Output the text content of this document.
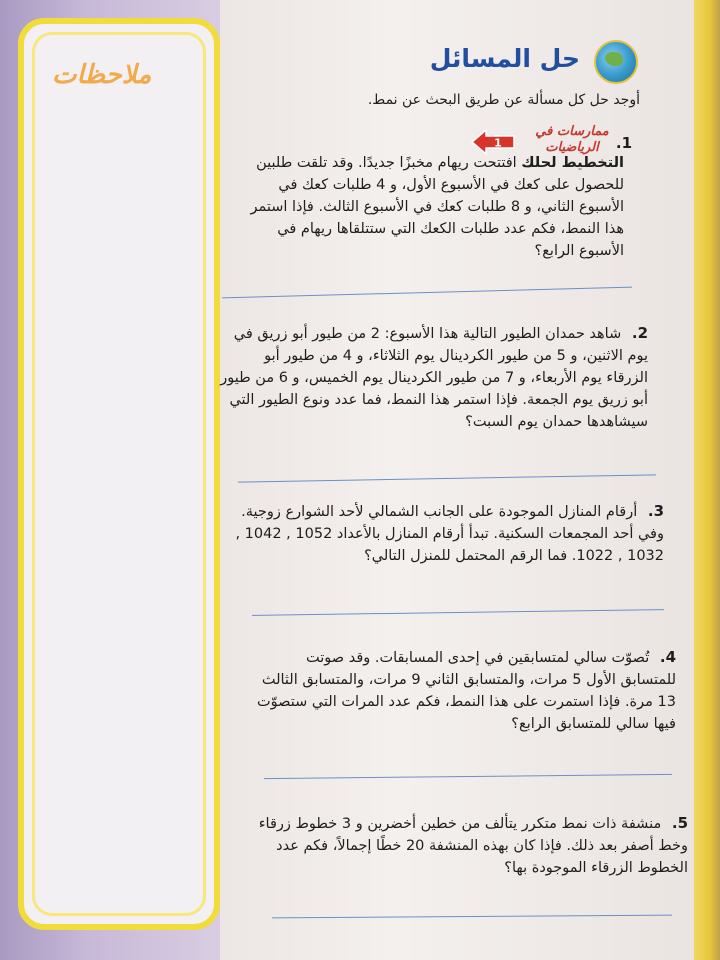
ملاحظات
حل المسائل
أوجد حل كل مسألة عن طريق البحث عن نمط.
ممارسات في
الرياضيات
1	1.
التخطيط لحلك افتتحت ريهام مخبزًا جديدًا. وقد تلقت طلبين للحصول على كعك في الأسبوع الأول، و 4 طلبات كعك في الأسبوع الثاني، و 8 طلبات كعك في الأسبوع الثالث. فإذا استمر هذا النمط، فكم عدد طلبات الكعك التي ستتلقاها ريهام في الأسبوع الرابع؟
2. شاهد حمدان الطيور التالية هذا الأسبوع: 2 من طيور أبو زريق في يوم الاثنين، و 5 من طيور الكردينال يوم الثلاثاء، و 4 من طيور أبو الزرقاء يوم الأربعاء، و 7 من طيور الكردينال يوم الخميس، و 6 من طيور أبو زريق يوم الجمعة. فإذا استمر هذا النمط، فما عدد ونوع الطيور التي سيشاهدها حمدان يوم السبت؟
3. أرقام المنازل الموجودة على الجانب الشمالي لأحد الشوارع زوجية. وفي أحد المجمعات السكنية. تبدأ أرقام المنازل بالأعداد 1052 , 1042 , 1032 , 1022. فما الرقم المحتمل للمنزل التالي؟
4. تُصوّت سالي لمتسابقين في إحدى المسابقات. وقد صوتت للمتسابق الأول 5 مرات، والمتسابق الثاني 9 مرات، والمتسابق الثالث 13 مرة. فإذا استمرت على هذا النمط، فكم عدد المرات التي ستصوّت فيها سالي للمتسابق الرابع؟
5. منشفة ذات نمط متكرر يتألف من خطين أخضرين و 3 خطوط زرقاء وخط أصفر بعد ذلك. فإذا كان بهذه المنشفة 20 خطًا إجمالاً، فكم عدد الخطوط الزرقاء الموجودة بها؟
